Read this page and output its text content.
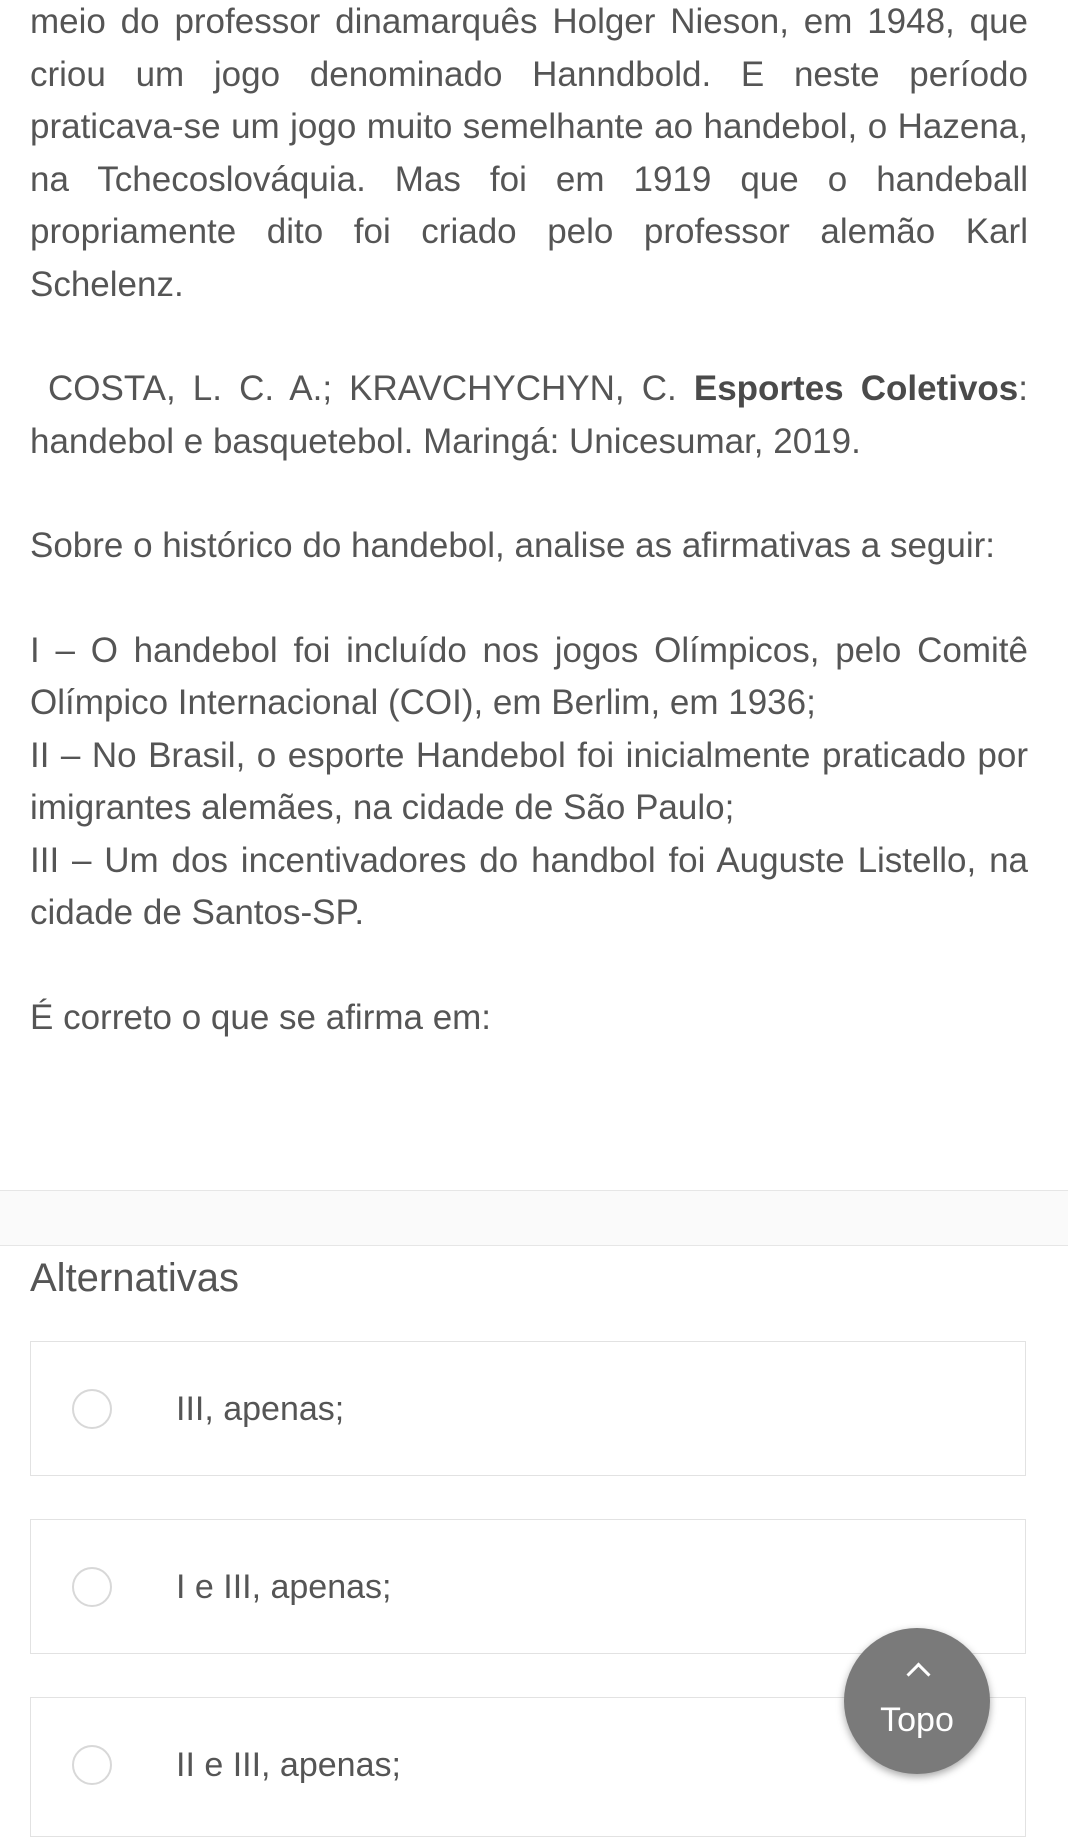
meio do professor dinamarquês Holger Nieson, em 1948, que criou um jogo denominado Hanndbold. E neste período praticava-se um jogo muito semelhante ao handebol, o Hazena, na Tchecoslováquia. Mas foi em 1919 que o handeball propriamente dito foi criado pelo professor alemão Karl Schelenz.

COSTA, L. C. A.; KRAVCHYCHYN, C. Esportes Coletivos: handebol e basquetebol. Maringá: Unicesumar, 2019.

Sobre o histórico do handebol, analise as afirmativas a seguir:

I – O handebol foi incluído nos jogos Olímpicos, pelo Comitê Olímpico Internacional (COI), em Berlim, em 1936;

II – No Brasil, o esporte Handebol foi inicialmente praticado por imigrantes alemães, na cidade de São Paulo;

III – Um dos incentivadores do handbol foi Auguste Listello, na cidade de Santos-SP.

É correto o que se afirma em:

Alternativas
III, apenas;
I e III, apenas;
II e III, apenas;
Topo
